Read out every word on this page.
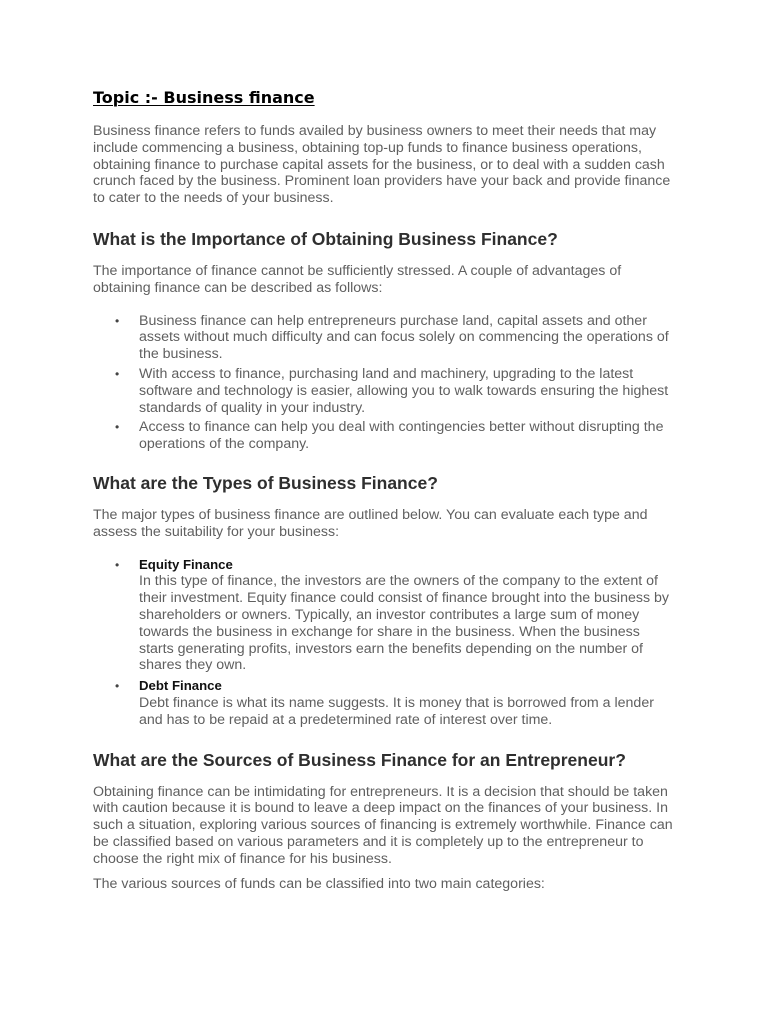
Topic :- Business finance

Business finance refers to funds availed by business owners to meet their needs that may include commencing a business, obtaining top-up funds to finance business operations, obtaining finance to purchase capital assets for the business, or to deal with a sudden cash crunch faced by the business. Prominent loan providers have your back and provide finance to cater to the needs of your business.

What is the Importance of Obtaining Business Finance?

The importance of finance cannot be sufficiently stressed. A couple of advantages of obtaining finance can be described as follows:

• Business finance can help entrepreneurs purchase land, capital assets and other assets without much difficulty and can focus solely on commencing the operations of the business.
• With access to finance, purchasing land and machinery, upgrading to the latest software and technology is easier, allowing you to walk towards ensuring the highest standards of quality in your industry.
• Access to finance can help you deal with contingencies better without disrupting the operations of the company.
What are the Types of Business Finance?

The major types of business finance are outlined below. You can evaluate each type and assess the suitability for your business:

• Equity Finance
In this type of finance, the investors are the owners of the company to the extent of their investment. Equity finance could consist of finance brought into the business by shareholders or owners. Typically, an investor contributes a large sum of money towards the business in exchange for share in the business. When the business starts generating profits, investors earn the benefits depending on the number of shares they own.
• Debt Finance
Debt finance is what its name suggests. It is money that is borrowed from a lender and has to be repaid at a predetermined rate of interest over time.
What are the Sources of Business Finance for an Entrepreneur?

Obtaining finance can be intimidating for entrepreneurs. It is a decision that should be taken with caution because it is bound to leave a deep impact on the finances of your business. In such a situation, exploring various sources of financing is extremely worthwhile. Finance can be classified based on various parameters and it is completely up to the entrepreneur to choose the right mix of finance for his business.

The various sources of funds can be classified into two main categories:
